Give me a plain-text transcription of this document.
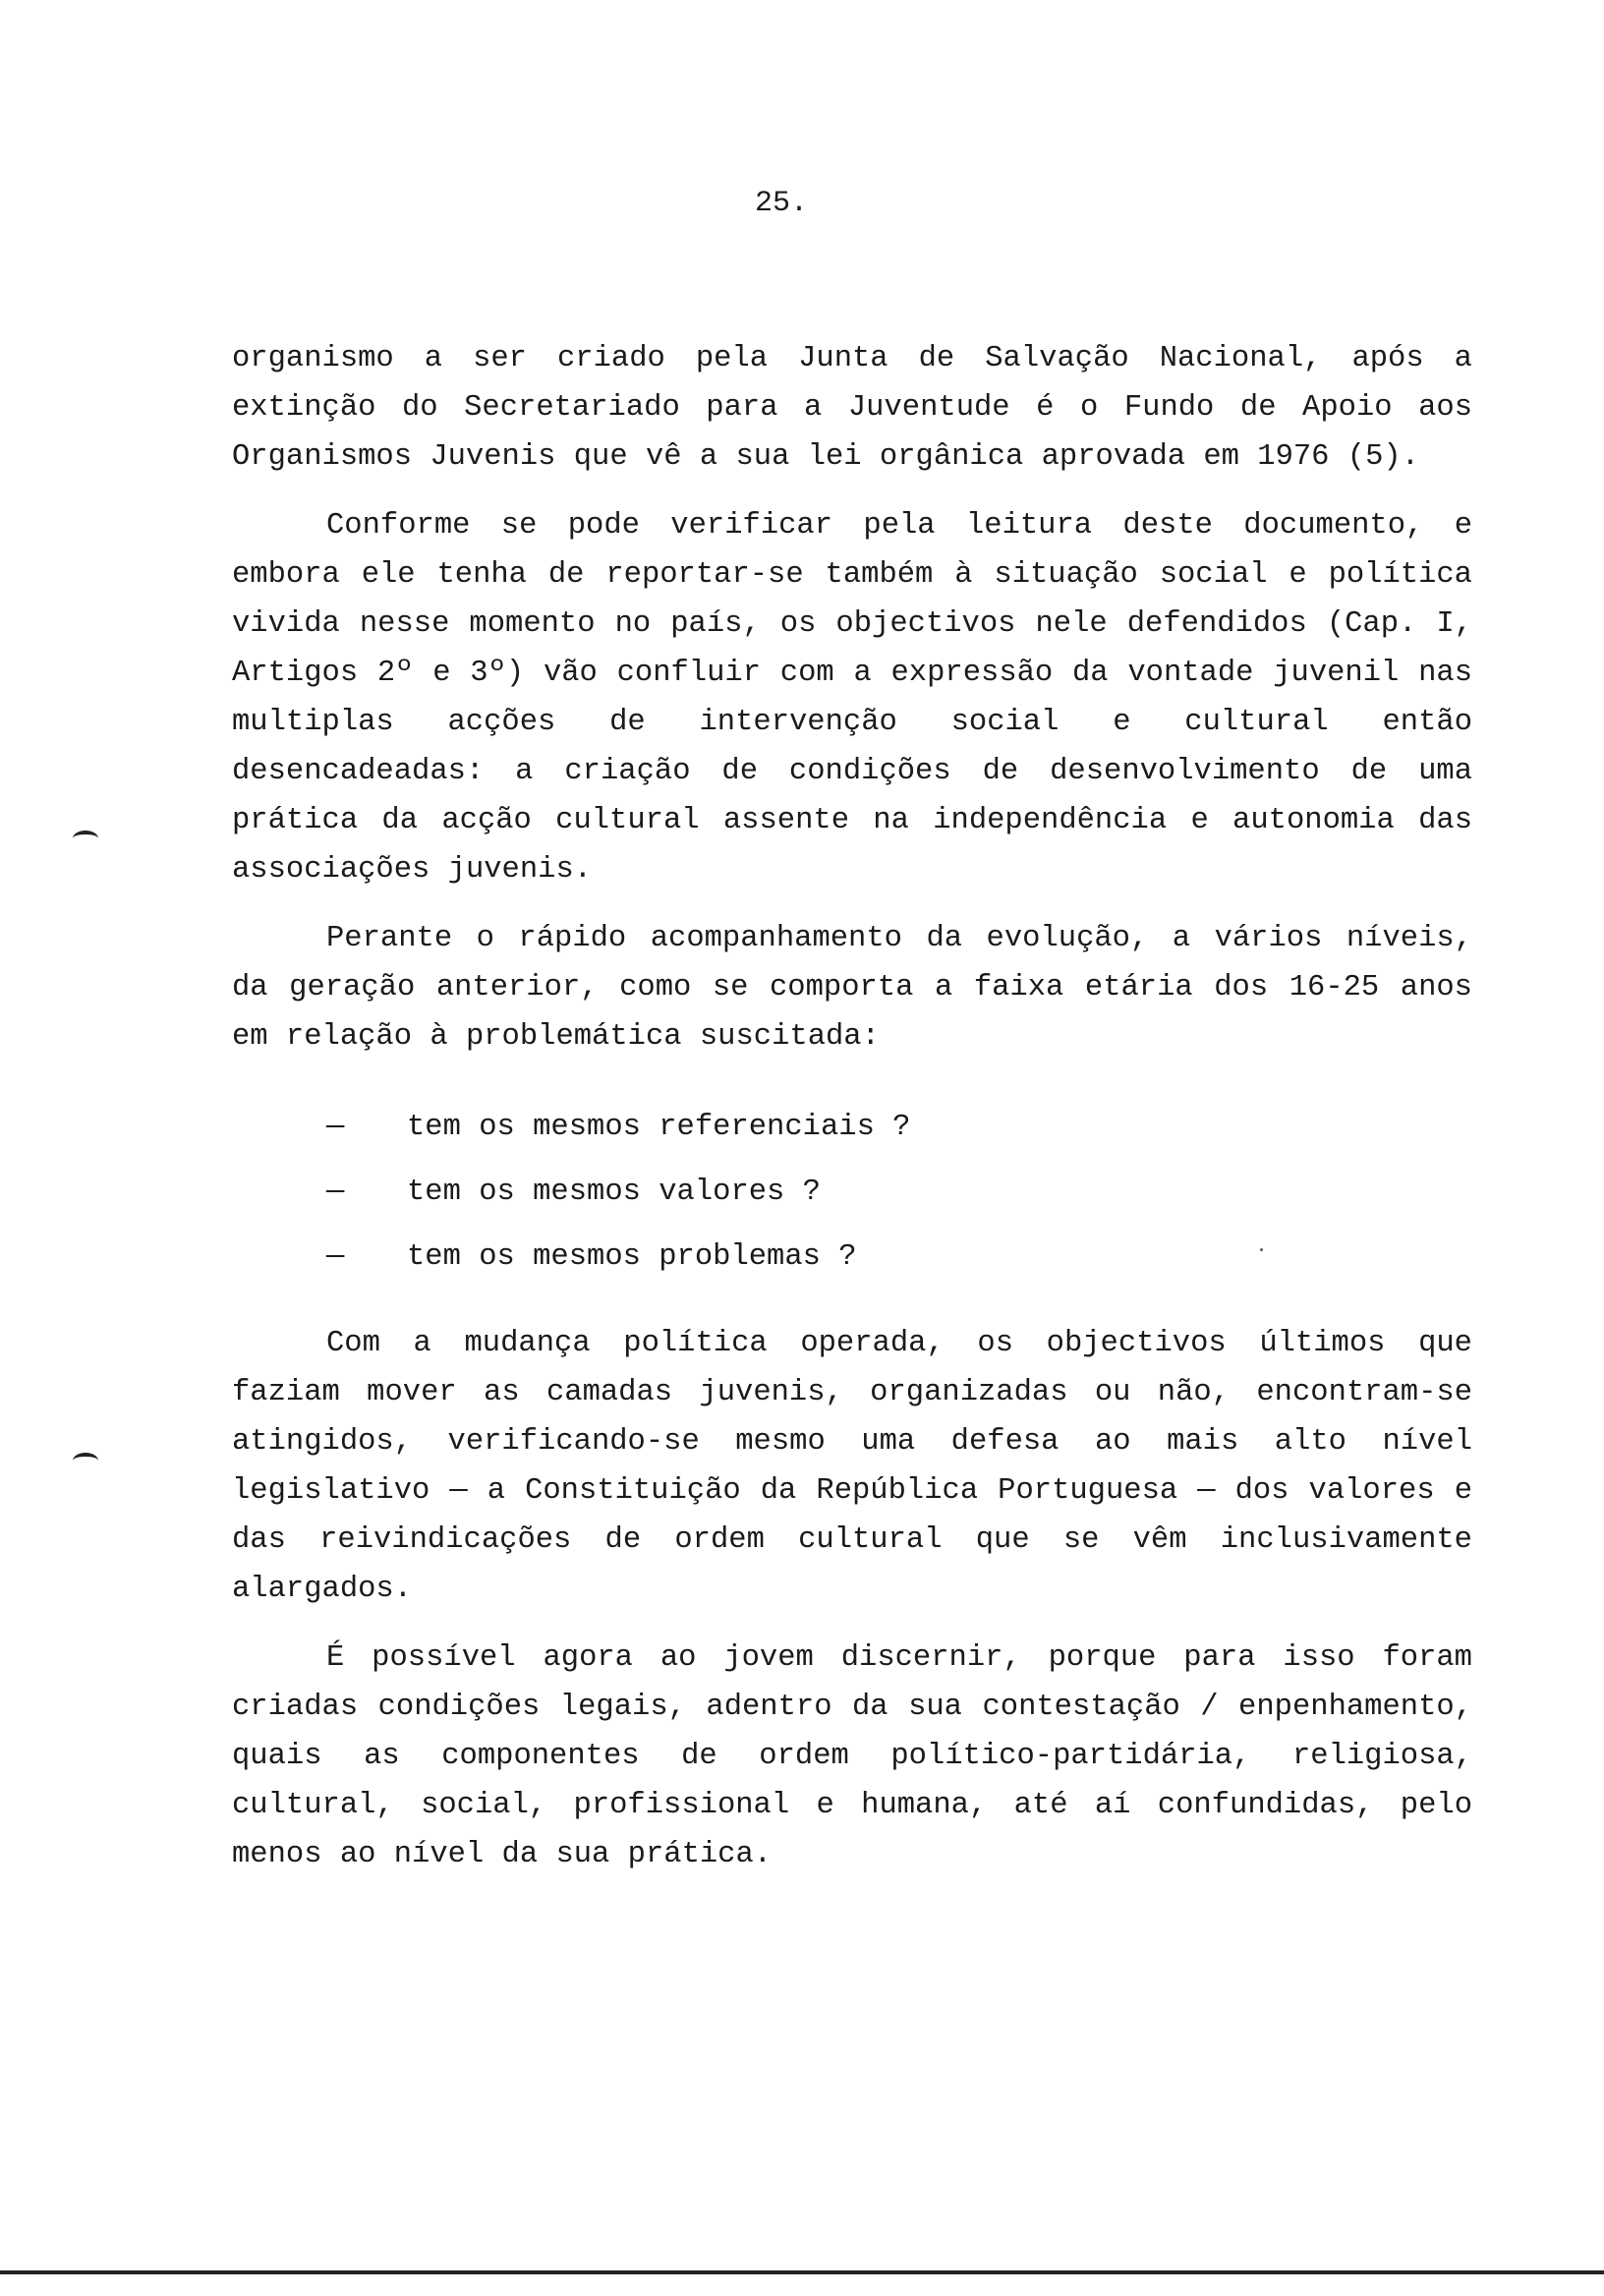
25.

organismo a ser criado pela Junta de Salvação Nacional, após a extinção do Secretariado para a Juventude é o Fundo de Apoio aos Organismos Juvenis que vê a sua lei orgânica aprovada em 1976 (5).

Conforme se pode verificar pela leitura deste documento, e embora ele tenha de reportar-se também à situação social e política vivida nesse momento no país, os objectivos nele defendidos (Cap. I, Artigos 2º e 3º) vão confluir com a expressão da vontade juvenil nas multiplas acções de intervenção social e cultural então desencadeadas: a criação de condições de desenvolvimento de uma prática da acção cultural assente na independência e autonomia das associações juvenis.

Perante o rápido acompanhamento da evolução, a vários níveis, da geração anterior, como se comporta a faixa etária dos 16-25 anos em relação à problemática suscitada:

—	tem os mesmos referenciais ?
—	tem os mesmos valores ?
—	tem os mesmos problemas ?

Com a mudança política operada, os objectivos últimos que faziam mover as camadas juvenis, organizadas ou não, encontram-se atingidos, verificando-se mesmo uma defesa ao mais alto nível legislativo — a Constituição da República Portuguesa — dos valores e das reivindicações de ordem cultural que se vêm inclusivamente alargados.

É possível agora ao jovem discernir, porque para isso foram criadas condições legais, adentro da sua contestação / enpenhamento, quais as componentes de ordem político-partidária, religiosa, cultural, social, profissional e humana, até aí confundidas, pelo menos ao nível da sua prática.
